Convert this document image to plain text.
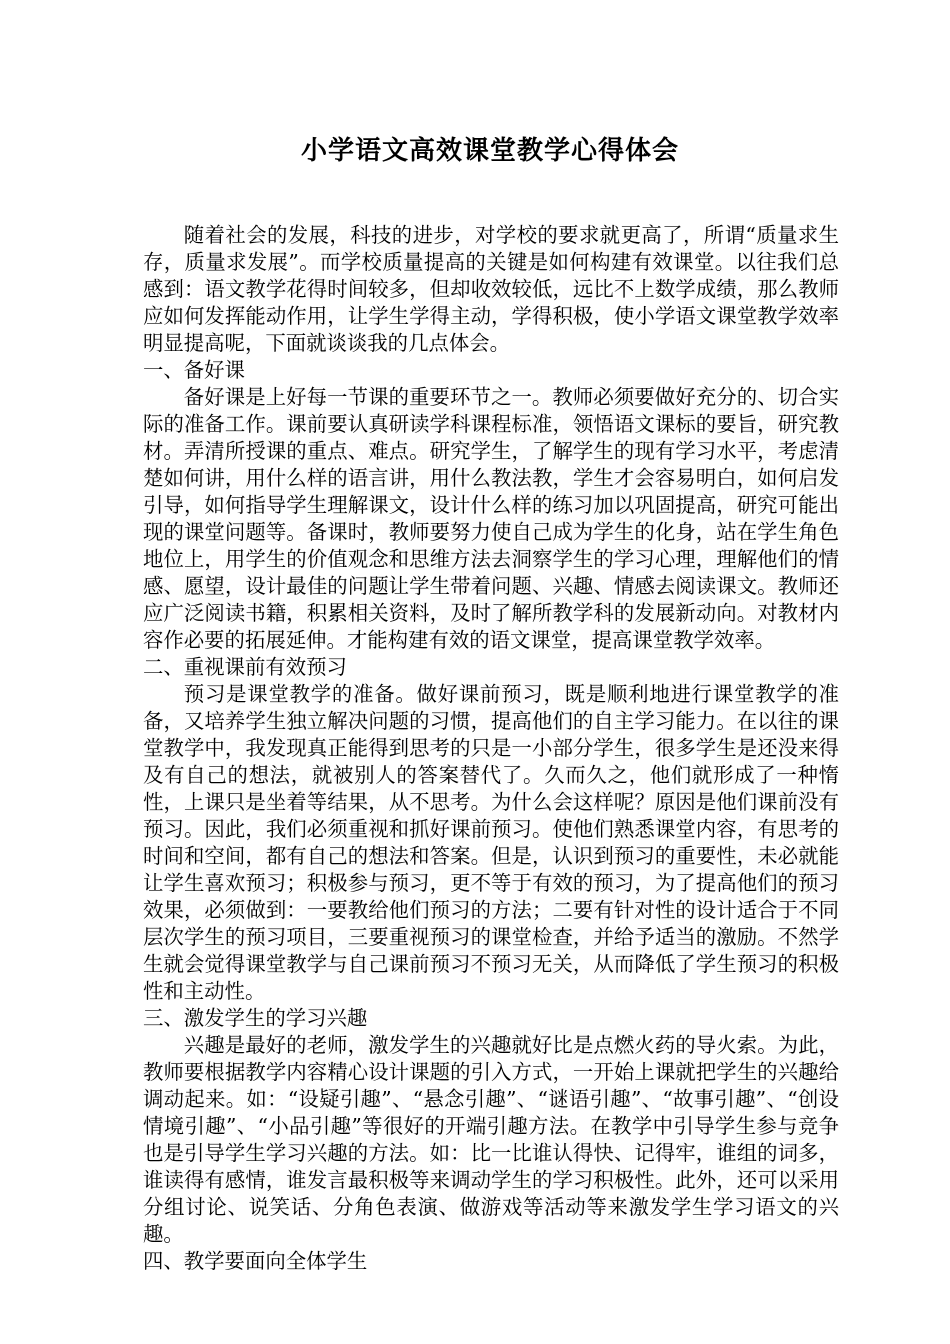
小学语文高效课堂教学心得体会

随着社会的发展，科技的进步，对学校的要求就更高了，所谓“质量求生存，质量求发展”。而学校质量提高的关键是如何构建有效课堂。以往我们总感到：语文教学花得时间较多，但却收效较低，远比不上数学成绩，那么教师应如何发挥能动作用，让学生学得主动，学得积极，使小学语文课堂教学效率明显提高呢，下面就谈谈我的几点体会。

一、备好课

备好课是上好每一节课的重要环节之一。教师必须要做好充分的、切合实际的准备工作。课前要认真研读学科课程标准，领悟语文课标的要旨，研究教材。弄清所授课的重点、难点。研究学生，了解学生的现有学习水平，考虑清楚如何讲，用什么样的语言讲，用什么教法教，学生才会容易明白，如何启发引导，如何指导学生理解课文，设计什么样的练习加以巩固提高，研究可能出现的课堂问题等。备课时，教师要努力使自己成为学生的化身，站在学生角色地位上，用学生的价值观念和思维方法去洞察学生的学习心理，理解他们的情感、愿望，设计最佳的问题让学生带着问题、兴趣、情感去阅读课文。教师还应广泛阅读书籍，积累相关资料，及时了解所教学科的发展新动向。对教材内容作必要的拓展延伸。才能构建有效的语文课堂，提高课堂教学效率。

二、重视课前有效预习

预习是课堂教学的准备。做好课前预习，既是顺利地进行课堂教学的准备，又培养学生独立解决问题的习惯，提高他们的自主学习能力。在以往的课堂教学中，我发现真正能得到思考的只是一小部分学生，很多学生是还没来得及有自己的想法，就被别人的答案替代了。久而久之，他们就形成了一种惰性，上课只是坐着等结果，从不思考。为什么会这样呢？原因是他们课前没有预习。因此，我们必须重视和抓好课前预习。使他们熟悉课堂内容，有思考的时间和空间，都有自己的想法和答案。但是，认识到预习的重要性，未必就能让学生喜欢预习；积极参与预习，更不等于有效的预习，为了提高他们的预习效果，必须做到：一要教给他们预习的方法；二要有针对性的设计适合于不同层次学生的预习项目，三要重视预习的课堂检查，并给予适当的激励。不然学生就会觉得课堂教学与自己课前预习不预习无关，从而降低了学生预习的积极性和主动性。

三、激发学生的学习兴趣

兴趣是最好的老师，激发学生的兴趣就好比是点燃火药的导火索。为此，教师要根据教学内容精心设计课题的引入方式，一开始上课就把学生的兴趣给调动起来。如：“设疑引趣”、“悬念引趣”、“谜语引趣”、“故事引趣”、“创设情境引趣”、“小品引趣”等很好的开端引趣方法。在教学中引导学生参与竞争也是引导学生学习兴趣的方法。如：比一比谁认得快、记得牢，谁组的词多，谁读得有感情，谁发言最积极等来调动学生的学习积极性。此外，还可以采用分组讨论、说笑话、分角色表演、做游戏等活动等来激发学生学习语文的兴趣。

四、教学要面向全体学生
